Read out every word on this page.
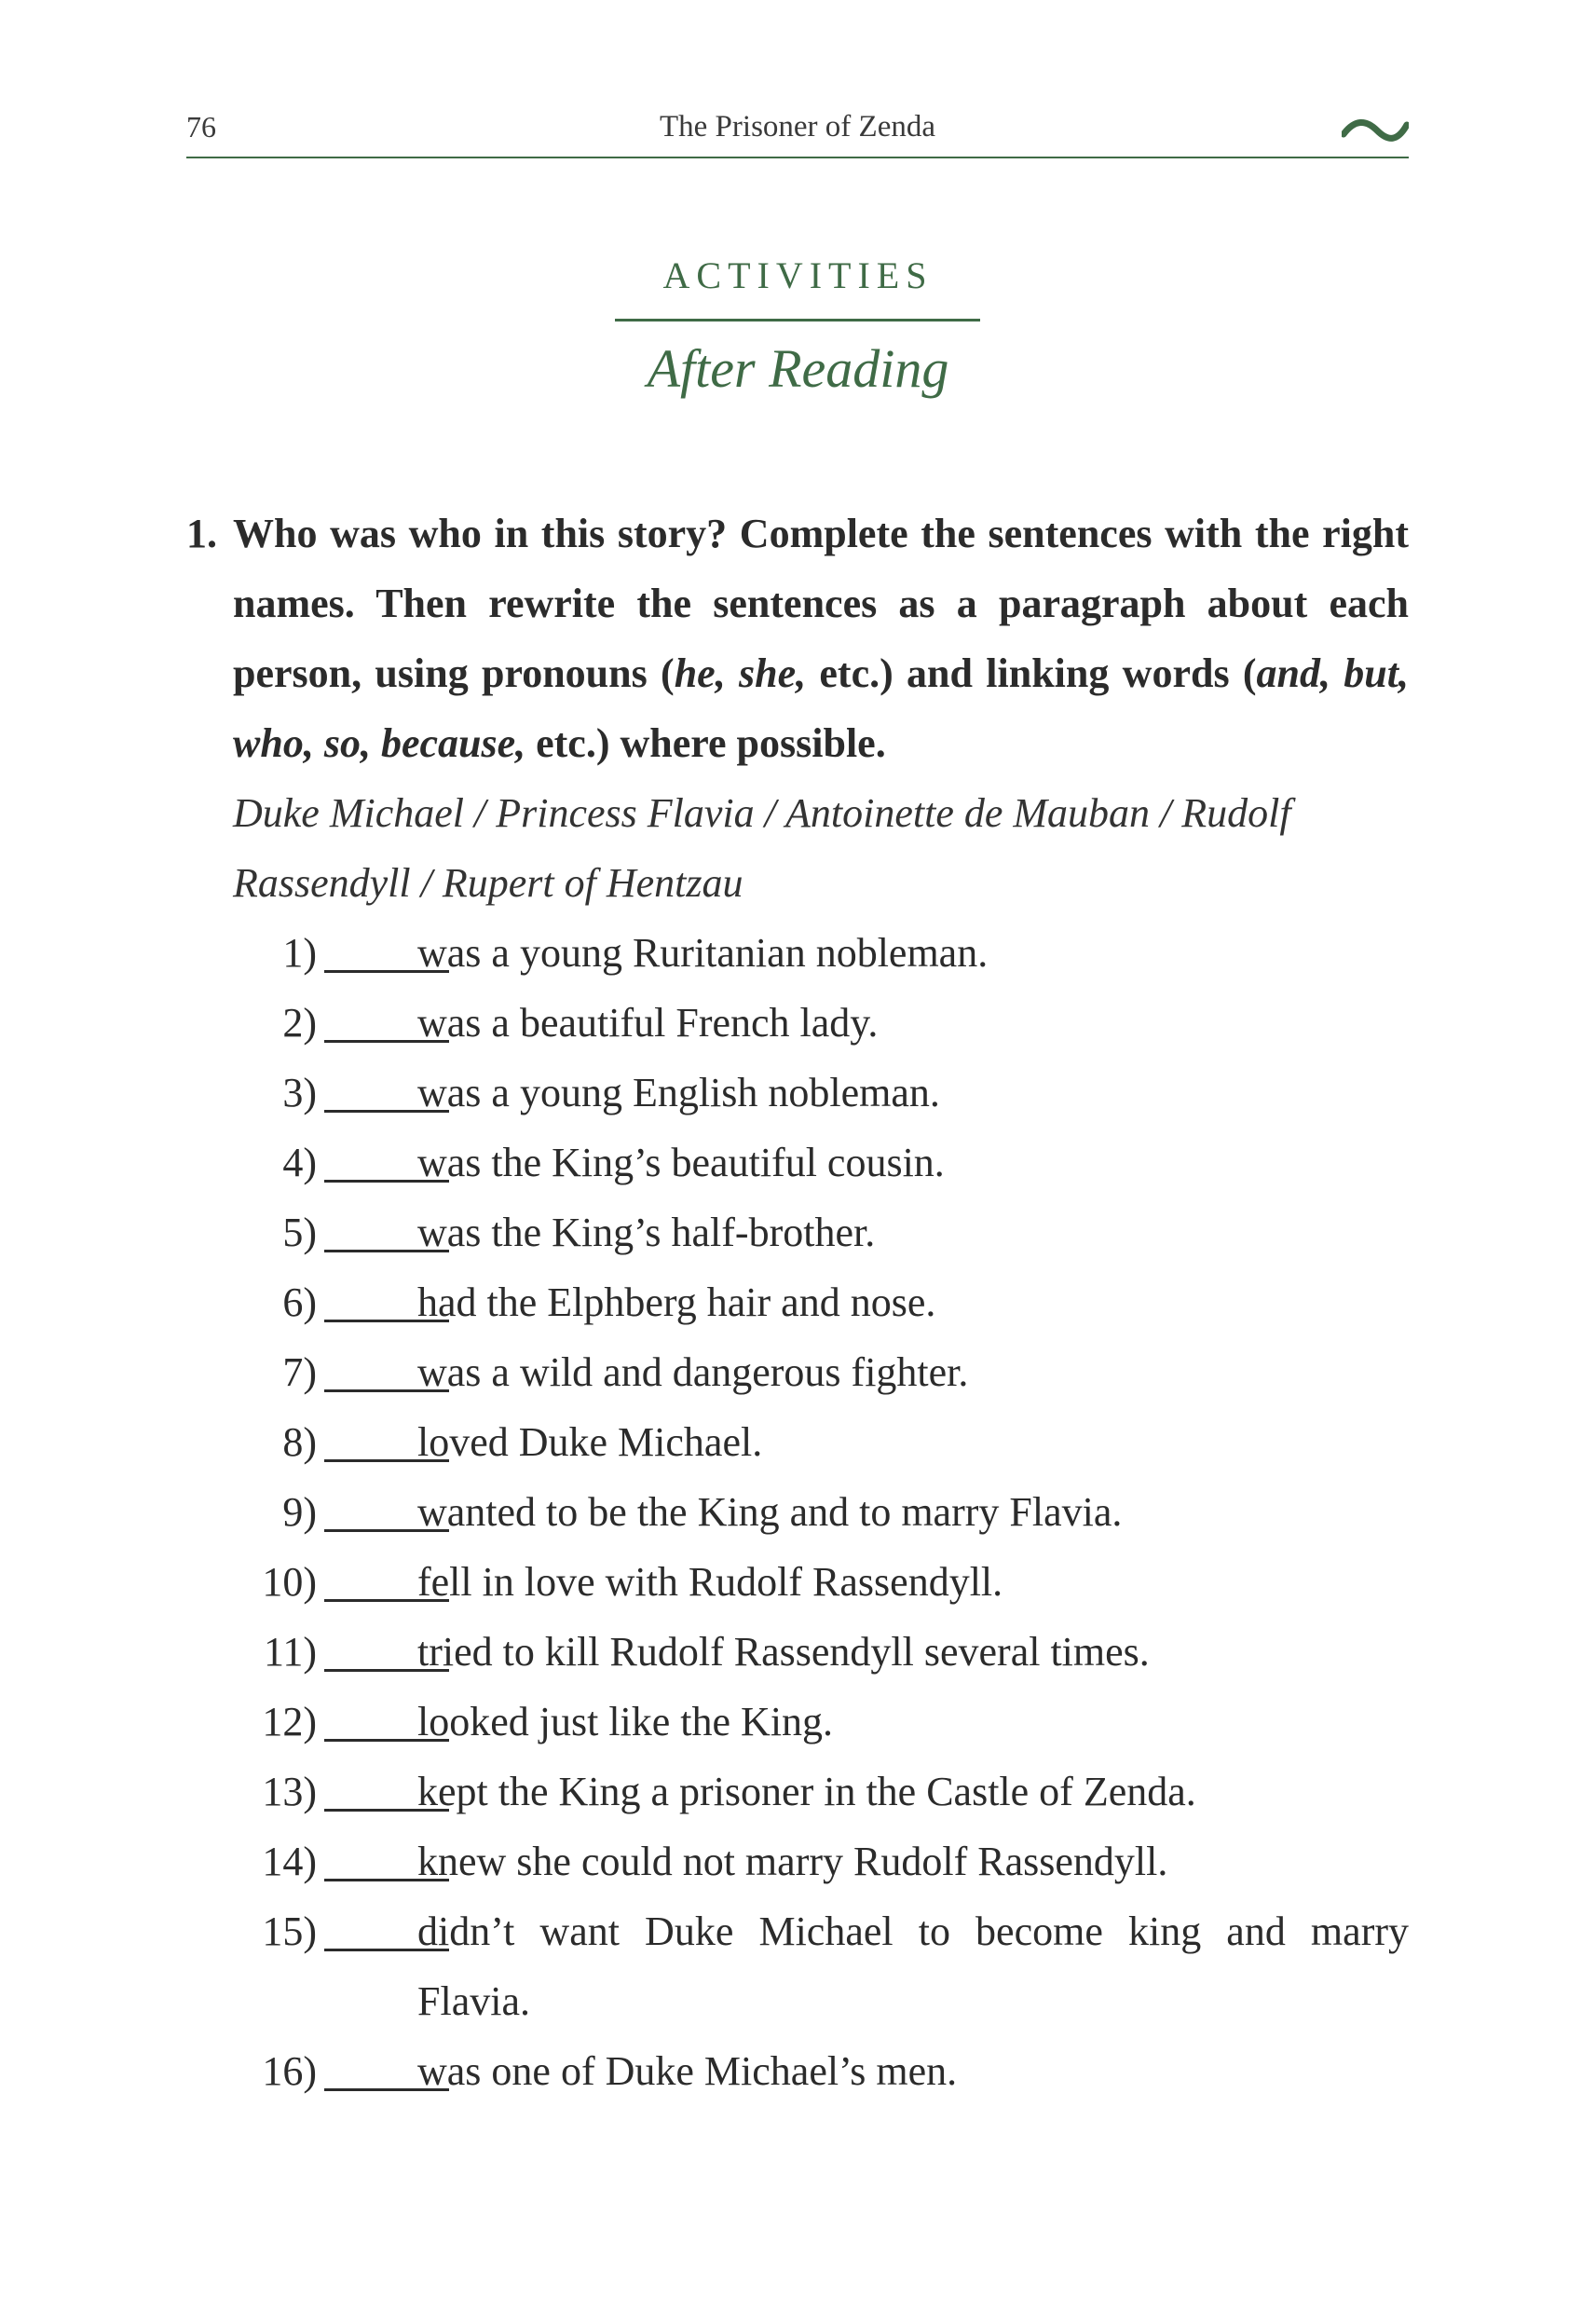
76	The Prisoner of Zenda
ACTIVITIES
After Reading
1. Who was who in this story? Complete the sentences with the right names. Then rewrite the sentences as a paragraph about each person, using pronouns (he, she, etc.) and linking words (and, but, who, so, because, etc.) where possible.
Duke Michael / Princess Flavia / Antoinette de Mauban / Rudolf Rassendyll / Rupert of Hentzau
1) was a young Ruritanian nobleman.
2) was a beautiful French lady.
3) was a young English nobleman.
4) was the King’s beautiful cousin.
5) was the King’s half-brother.
6) had the Elphberg hair and nose.
7) was a wild and dangerous fighter.
8) loved Duke Michael.
9) wanted to be the King and to marry Flavia.
10) fell in love with Rudolf Rassendyll.
11) tried to kill Rudolf Rassendyll several times.
12) looked just like the King.
13) kept the King a prisoner in the Castle of Zenda.
14) knew she could not marry Rudolf Rassendyll.
15) didn’t want Duke Michael to become king and marry Flavia.
16) was one of Duke Michael’s men.
